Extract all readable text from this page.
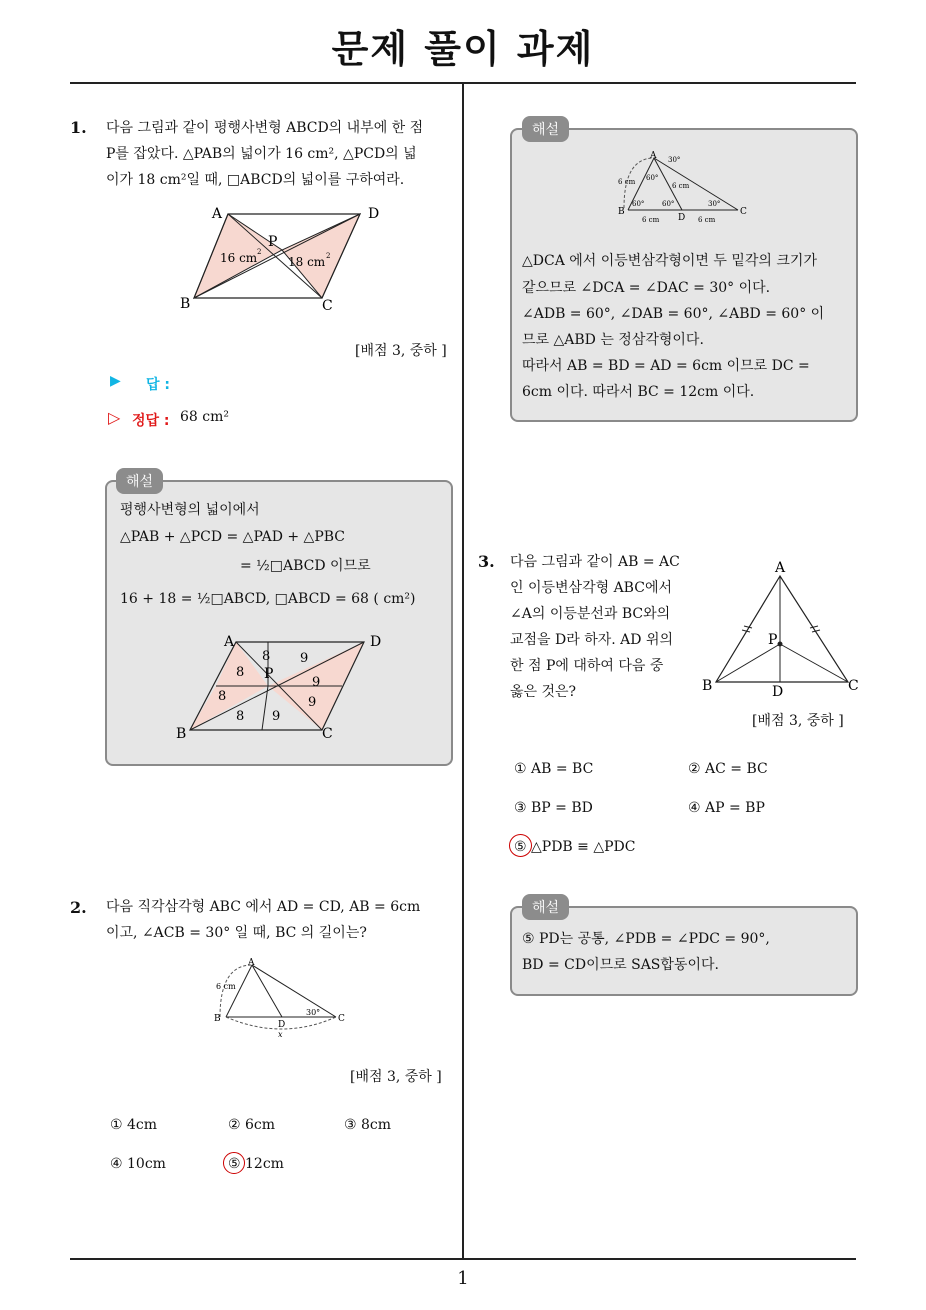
문제 풀이 과제
1
1. 다음 그림과 같이 평행사변형 ABCD의 내부에 한 점
P를 잡았다. △PAB의 넓이가 16 cm², △PCD의 넓
이가 18 cm²일 때, □ABCD의 넓이를 구하여라.
A	D
B	C
P
16 cm 2
18 cm 2
[배점 3, 중하 ]
▶ 답 :
▷ 정답 : 68 cm²
해설
평행사변형의 넓이에서
△PAB + △PCD = △PAD + △PBC
= ½□ABCD 이므로
16 + 18 = ½□ABCD, □ABCD = 68 ( cm²)
A	D
B	C
P
8
8 9
9
8	9
8 9
2. 다음 직각삼각형 ABC 에서 AD = CD, AB = 6cm
이고, ∠ACB = 30° 일 때, BC 의 길이는?
A
B	C
D
6 cm
30°
x
[배점 3, 중하 ]
① 4cm	② 6cm	③ 8cm
④ 10cm	⑤ 12cm
해설
A
B	C
D
30°
60°
60°	60°	30°
6 cm	6 cm
6 cm	6 cm
△DCA 에서 이등변삼각형이면 두 밑각의 크기가
같으므로 ∠DCA = ∠DAC = 30° 이다.
∠ADB = 60°, ∠DAB = 60°, ∠ABD = 60° 이
므로 △ABD 는 정삼각형이다.
따라서 AB = BD = AD = 6cm 이므로 DC =
6cm 이다. 따라서 BC = 12cm 이다.
3. 다음 그림과 같이 AB = AC
인 이등변삼각형 ABC에서
∠A의 이등분선과 BC와의
교점을 D라 하자. AD 위의
한 점 P에 대하여 다음 중
옳은 것은?
A
B	C
D
P
[배점 3, 중하 ]
① AB = BC	② AC = BC
③ BP = BD	④ AP = BP
⑤ △PDB ≡ △PDC
해설
⑤ PD는 공통, ∠PDB = ∠PDC = 90°,
BD = CD이므로 SAS합동이다.
